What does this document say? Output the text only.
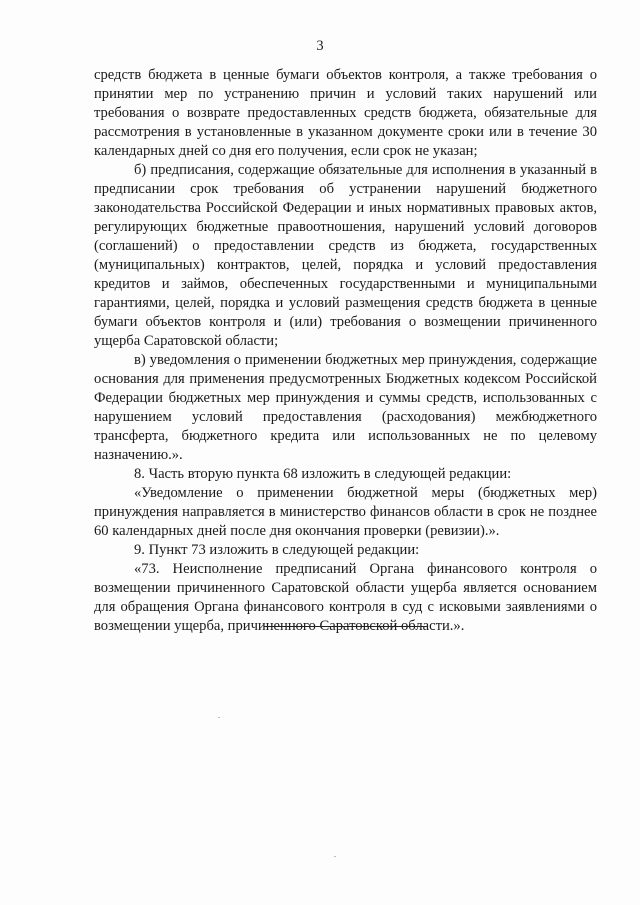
3

средств бюджета в ценные бумаги объектов контроля, а также требования о принятии мер по устранению причин и условий таких нарушений или требования о возврате предоставленных средств бюджета, обязательные для рассмотрения в установленные в указанном документе сроки или в течение 30 календарных дней со дня его получения, если срок не указан;

б) предписания, содержащие обязательные для исполнения в указанный в предписании срок требования об устранении нарушений бюджетного законодательства Российской Федерации и иных нормативных правовых актов, регулирующих бюджетные правоотношения, нарушений условий договоров (соглашений) о предоставлении средств из бюджета, государственных (муниципальных) контрактов, целей, порядка и условий предоставления кредитов и займов, обеспеченных государственными и муниципальными гарантиями, целей, порядка и условий размещения средств бюджета в ценные бумаги объектов контроля и (или) требования о возмещении причиненного ущерба Саратовской области;

в) уведомления о применении бюджетных мер принуждения, содержащие основания для применения предусмотренных Бюджетных кодексом Российской Федерации бюджетных мер принуждения и суммы средств, использованных с нарушением условий предоставления (расходования) межбюджетного трансферта, бюджетного кредита или использованных не по целевому назначению.».

8. Часть вторую пункта 68 изложить в следующей редакции:

«Уведомление о применении бюджетной меры (бюджетных мер) принуждения направляется в министерство финансов области в срок не позднее 60 календарных дней после дня окончания проверки (ревизии).».

9. Пункт 73 изложить в следующей редакции:

«73. Неисполнение предписаний Органа финансового контроля о возмещении причиненного Саратовской области ущерба является основанием для обращения Органа финансового контроля в суд с исковыми заявлениями о возмещении ущерба, причиненного Саратовской области.».
